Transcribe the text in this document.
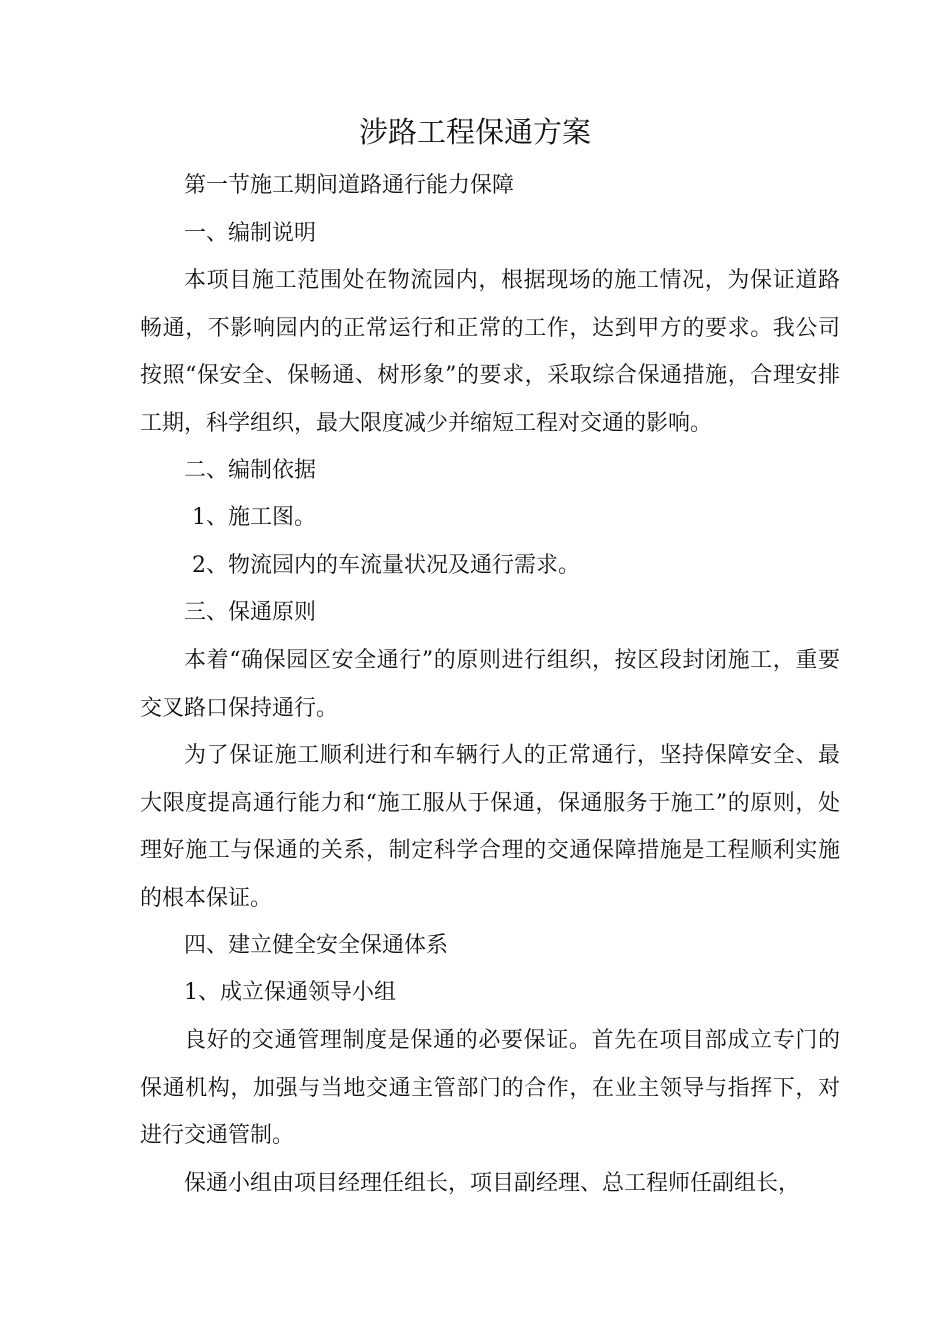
涉路工程保通方案

第一节施工期间道路通行能力保障

一、编制说明

本项目施工范围处在物流园内，根据现场的施工情况，为保证道路畅通，不影响园内的正常运行和正常的工作，达到甲方的要求。我公司按照“保安全、保畅通、树形象”的要求，采取综合保通措施，合理安排工期，科学组织，最大限度减少并缩短工程对交通的影响。

二、编制依据

1、施工图。

2、物流园内的车流量状况及通行需求。

三、保通原则

本着“确保园区安全通行”的原则进行组织，按区段封闭施工，重要交叉路口保持通行。

为了保证施工顺利进行和车辆行人的正常通行，坚持保障安全、最大限度提高通行能力和“施工服从于保通，保通服务于施工”的原则，处理好施工与保通的关系，制定科学合理的交通保障措施是工程顺利实施的根本保证。

四、建立健全安全保通体系

1、成立保通领导小组

良好的交通管理制度是保通的必要保证。首先在项目部成立专门的保通机构，加强与当地交通主管部门的合作，在业主领导与指挥下，对进行交通管制。

保通小组由项目经理任组长，项目副经理、总工程师任副组长，
